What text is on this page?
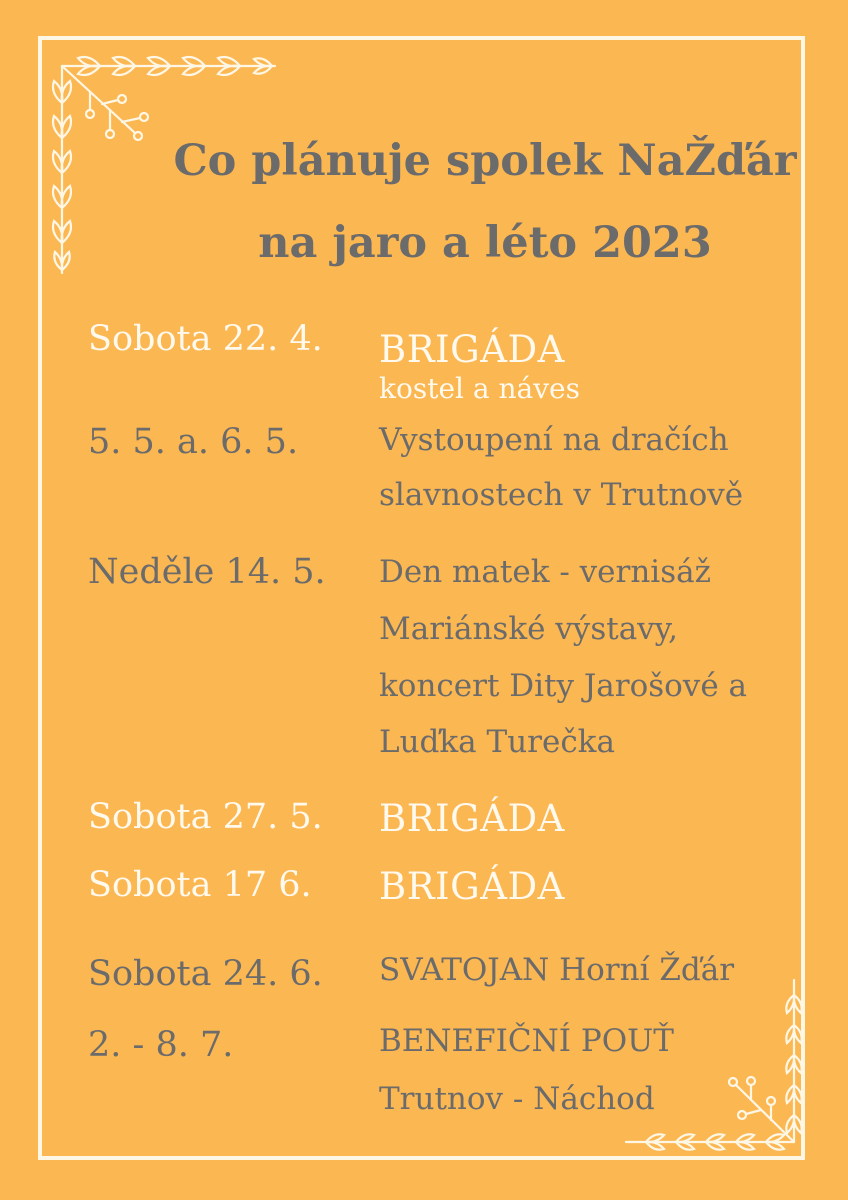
Co plánuje spolek NaŽďár
na jaro a léto 2023
Sobota 22. 4. BRIGÁDA
kostel a náves
5. 5. a. 6. 5.	Vystoupení na dračích
slavnostech v Trutnově
Neděle 14. 5. Den matek - vernisáž
Mariánské výstavy,
koncert Dity Jarošové a
Luďka Turečka
Sobota 27. 5. BRIGÁDA
Sobota 17 6. BRIGÁDA
Sobota 24. 6. SVATOJAN Horní Žďár
2. - 8. 7.	BENEFIČNÍ POUŤ
Trutnov - Náchod
